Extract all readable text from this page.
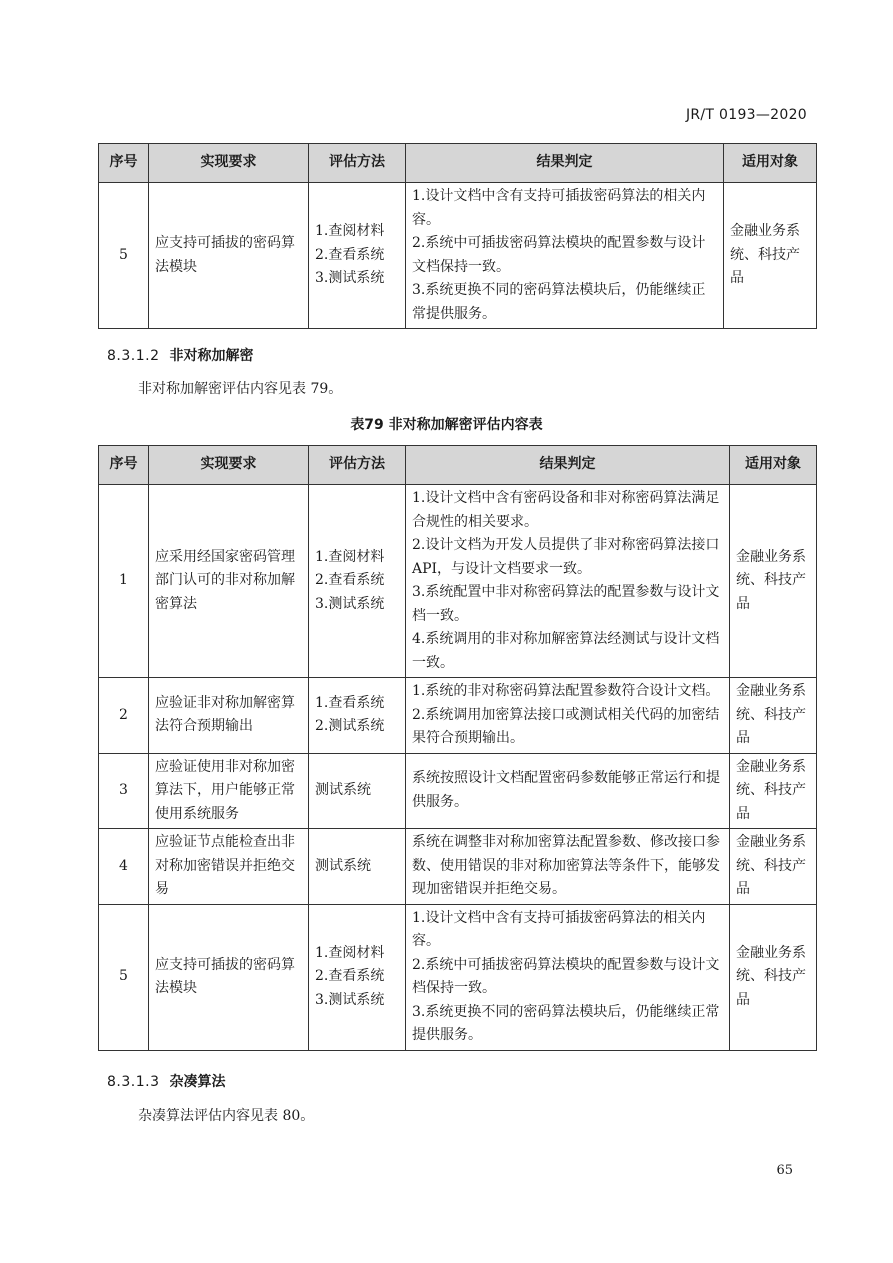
JR/T 0193—2020
序号	实现要求	评估方法	结果判定	适用对象
5	应支持可插拔的密码算法模块	1.查阅材料
2.查看系统
3.测试系统	1.设计文档中含有支持可插拔密码算法的相关内容。
2.系统中可插拔密码算法模块的配置参数与设计文档保持一致。
3.系统更换不同的密码算法模块后，仍能继续正常提供服务。	金融业务系统、科技产品
8.3.1.2 非对称加解密
非对称加解密评估内容见表 79。
表79 非对称加解密评估内容表
序号	实现要求	评估方法	结果判定	适用对象
1	应采用经国家密码管理部门认可的非对称加解密算法	1.查阅材料
2.查看系统
3.测试系统	1.设计文档中含有密码设备和非对称密码算法满足合规性的相关要求。
2.设计文档为开发人员提供了非对称密码算法接口API，与设计文档要求一致。
3.系统配置中非对称密码算法的配置参数与设计文档一致。
4.系统调用的非对称加解密算法经测试与设计文档一致。	金融业务系统、科技产品
2	应验证非对称加解密算法符合预期输出	1.查看系统
2.测试系统	1.系统的非对称密码算法配置参数符合设计文档。
2.系统调用加密算法接口或测试相关代码的加密结果符合预期输出。	金融业务系统、科技产品
3	应验证使用非对称加密算法下，用户能够正常使用系统服务	测试系统	系统按照设计文档配置密码参数能够正常运行和提供服务。	金融业务系统、科技产品
4	应验证节点能检查出非对称加密错误并拒绝交易	测试系统	系统在调整非对称加密算法配置参数、修改接口参数、使用错误的非对称加密算法等条件下，能够发现加密错误并拒绝交易。	金融业务系统、科技产品
5	应支持可插拔的密码算法模块	1.查阅材料
2.查看系统
3.测试系统	1.设计文档中含有支持可插拔密码算法的相关内容。
2.系统中可插拔密码算法模块的配置参数与设计文档保持一致。
3.系统更换不同的密码算法模块后，仍能继续正常提供服务。	金融业务系统、科技产品
8.3.1.3 杂凑算法
杂凑算法评估内容见表 80。
65
